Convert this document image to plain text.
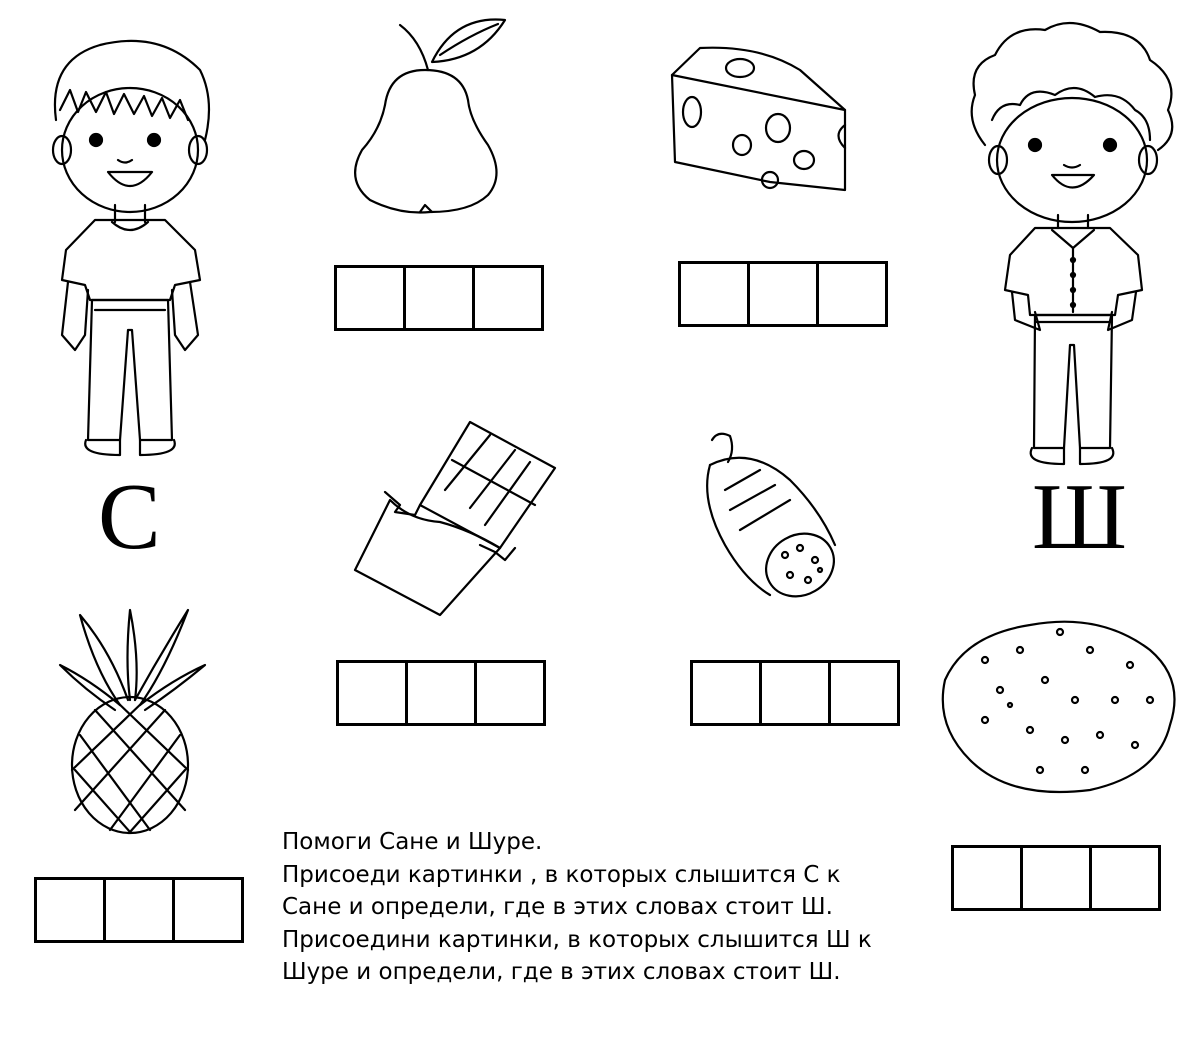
С	Ш
Помоги Сане и Шуре.
Присоеди картинки , в которых слышится С к
Сане и определи, где в этих словах стоит Ш.
Присоедини картинки, в которых слышится Ш к
Шуре и определи, где в этих словах стоит Ш.
